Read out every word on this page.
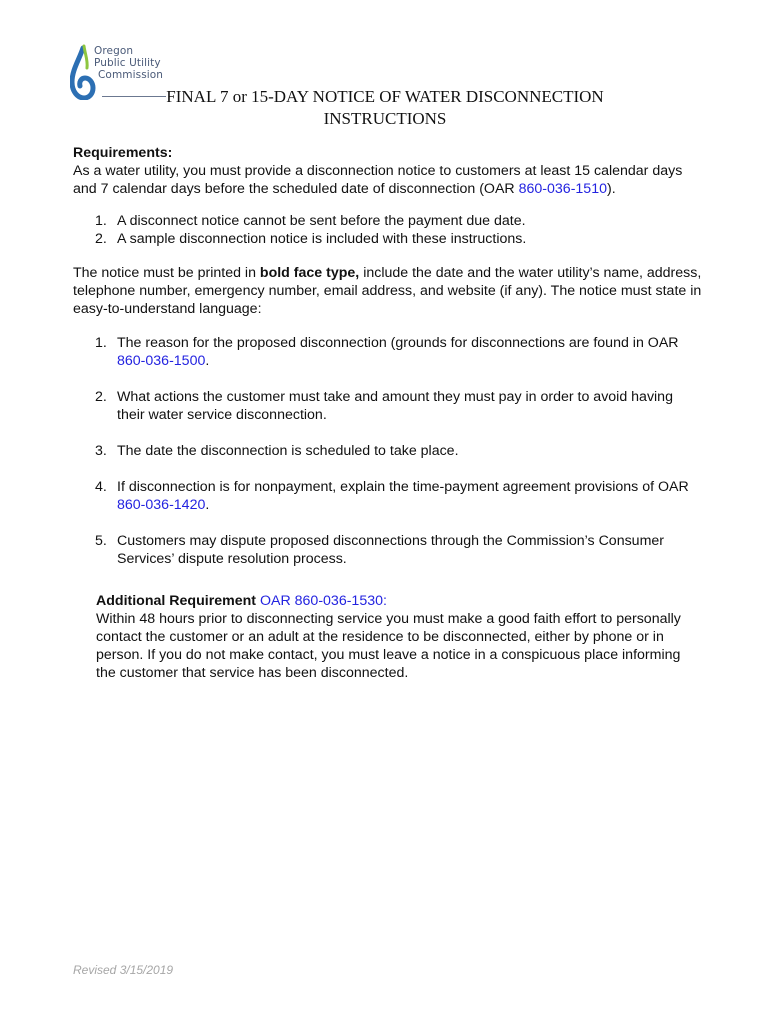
Oregon
Public Utility
Commission
FINAL 7 or 15-DAY NOTICE OF WATER DISCONNECTION
INSTRUCTIONS

Requirements:

As a water utility, you must provide a disconnection notice to customers at least 15 calendar days and 7 calendar days before the scheduled date of disconnection (OAR 860-036-1510).

1. A disconnect notice cannot be sent before the payment due date.
2. A sample disconnection notice is included with these instructions.

The notice must be printed in bold face type, include the date and the water utility’s name, address, telephone number, emergency number, email address, and website (if any). The notice must state in easy-to-understand language:

1. The reason for the proposed disconnection (grounds for disconnections are found in OAR 860-036-1500.
2. What actions the customer must take and amount they must pay in order to avoid having their water service disconnection.
3. The date the disconnection is scheduled to take place.
4. If disconnection is for nonpayment, explain the time-payment agreement provisions of OAR 860-036-1420.
5. Customers may dispute proposed disconnections through the Commission’s Consumer Services’ dispute resolution process.

Additional Requirement OAR 860-036-1530:

Within 48 hours prior to disconnecting service you must make a good faith effort to personally contact the customer or an adult at the residence to be disconnected, either by phone or in person. If you do not make contact, you must leave a notice in a conspicuous place informing the customer that service has been disconnected.

Revised 3/15/2019
